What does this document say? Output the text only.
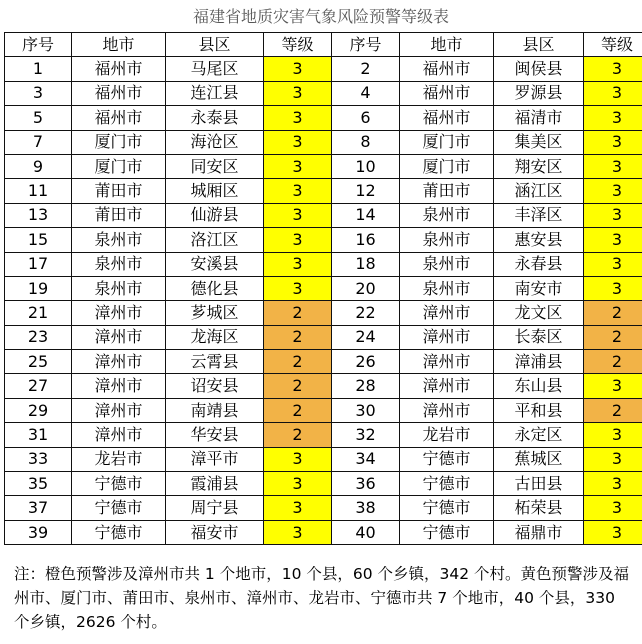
福建省地质灾害气象风险预警等级表
序号	地市	县区	等级	序号	地市	县区	等级
1	福州市	马尾区	3	2	福州市	闽侯县	3
3	福州市	连江县	3	4	福州市	罗源县	3
5	福州市	永泰县	3	6	福州市	福清市	3
7	厦门市	海沧区	3	8	厦门市	集美区	3
9	厦门市	同安区	3	10	厦门市	翔安区	3
11	莆田市	城厢区	3	12	莆田市	涵江区	3
13	莆田市	仙游县	3	14	泉州市	丰泽区	3
15	泉州市	洛江区	3	16	泉州市	惠安县	3
17	泉州市	安溪县	3	18	泉州市	永春县	3
19	泉州市	德化县	3	20	泉州市	南安市	3
21	漳州市	芗城区	2	22	漳州市	龙文区	2
23	漳州市	龙海区	2	24	漳州市	长泰区	2
25	漳州市	云霄县	2	26	漳州市	漳浦县	2
27	漳州市	诏安县	2	28	漳州市	东山县	3
29	漳州市	南靖县	2	30	漳州市	平和县	2
31	漳州市	华安县	2	32	龙岩市	永定区	3
33	龙岩市	漳平市	3	34	宁德市	蕉城区	3
35	宁德市	霞浦县	3	36	宁德市	古田县	3
37	宁德市	周宁县	3	38	宁德市	柘荣县	3
39	宁德市	福安市	3	40	宁德市	福鼎市	3
注：橙色预警涉及漳州市共 1 个地市，10 个县，60 个乡镇，342 个村。黄色预警涉及福州市、厦门市、莆田市、泉州市、漳州市、龙岩市、宁德市共 7 个地市，40 个县，330 个乡镇，2626 个村。
